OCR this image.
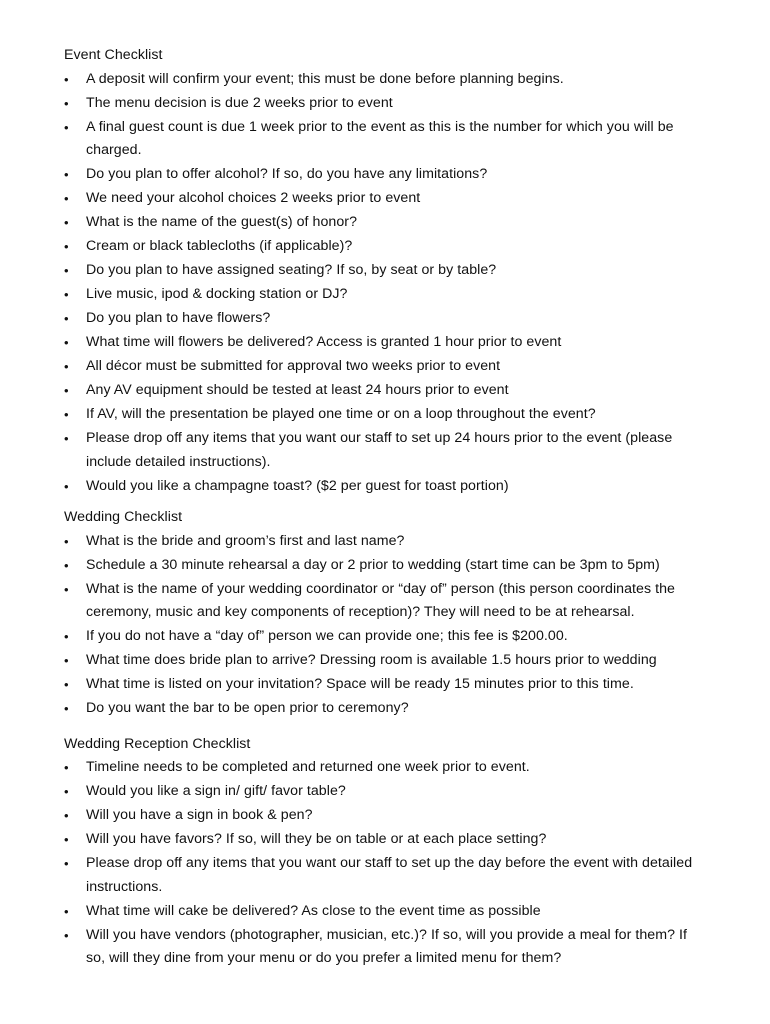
Event Checklist
•	A deposit will confirm your event; this must be done before planning begins.
•	The menu decision is due 2 weeks prior to event
•	A final guest count is due 1 week prior to the event as this is the number for which you will be charged.
•	Do you plan to offer alcohol? If so, do you have any limitations?
•	We need your alcohol choices 2 weeks prior to event
•	What is the name of the guest(s) of honor?
•	Cream or black tablecloths (if applicable)?
•	Do you plan to have assigned seating? If so, by seat or by table?
•	Live music, ipod & docking station or DJ?
•	Do you plan to have flowers?
•	What time will flowers be delivered? Access is granted 1 hour prior to event
•	All décor must be submitted for approval two weeks prior to event
•	Any AV equipment should be tested at least 24 hours prior to event
•	If AV, will the presentation be played one time or on a loop throughout the event?
•	Please drop off any items that you want our staff to set up 24 hours prior to the event (please include detailed instructions).
•	Would you like a champagne toast? ($2 per guest for toast portion)
Wedding Checklist
•	What is the bride and groom’s first and last name?
•	Schedule a 30 minute rehearsal a day or 2 prior to wedding (start time can be 3pm to 5pm)
•	What is the name of your wedding coordinator or “day of” person (this person coordinates the ceremony, music and key components of reception)? They will need to be at rehearsal.
•	If you do not have a “day of” person we can provide one; this fee is $200.00.
•	What time does bride plan to arrive? Dressing room is available 1.5 hours prior to wedding
•	What time is listed on your invitation? Space will be ready 15 minutes prior to this time.
•	Do you want the bar to be open prior to ceremony?
Wedding Reception Checklist
•	Timeline needs to be completed and returned one week prior to event.
•	Would you like a sign in/ gift/ favor table?
•	Will you have a sign in book & pen?
•	Will you have favors? If so, will they be on table or at each place setting?
•	Please drop off any items that you want our staff to set up the day before the event with detailed instructions.
•	What time will cake be delivered? As close to the event time as possible
•	Will you have vendors (photographer, musician, etc.)? If so, will you provide a meal for them? If so, will they dine from your menu or do you prefer a limited menu for them?
